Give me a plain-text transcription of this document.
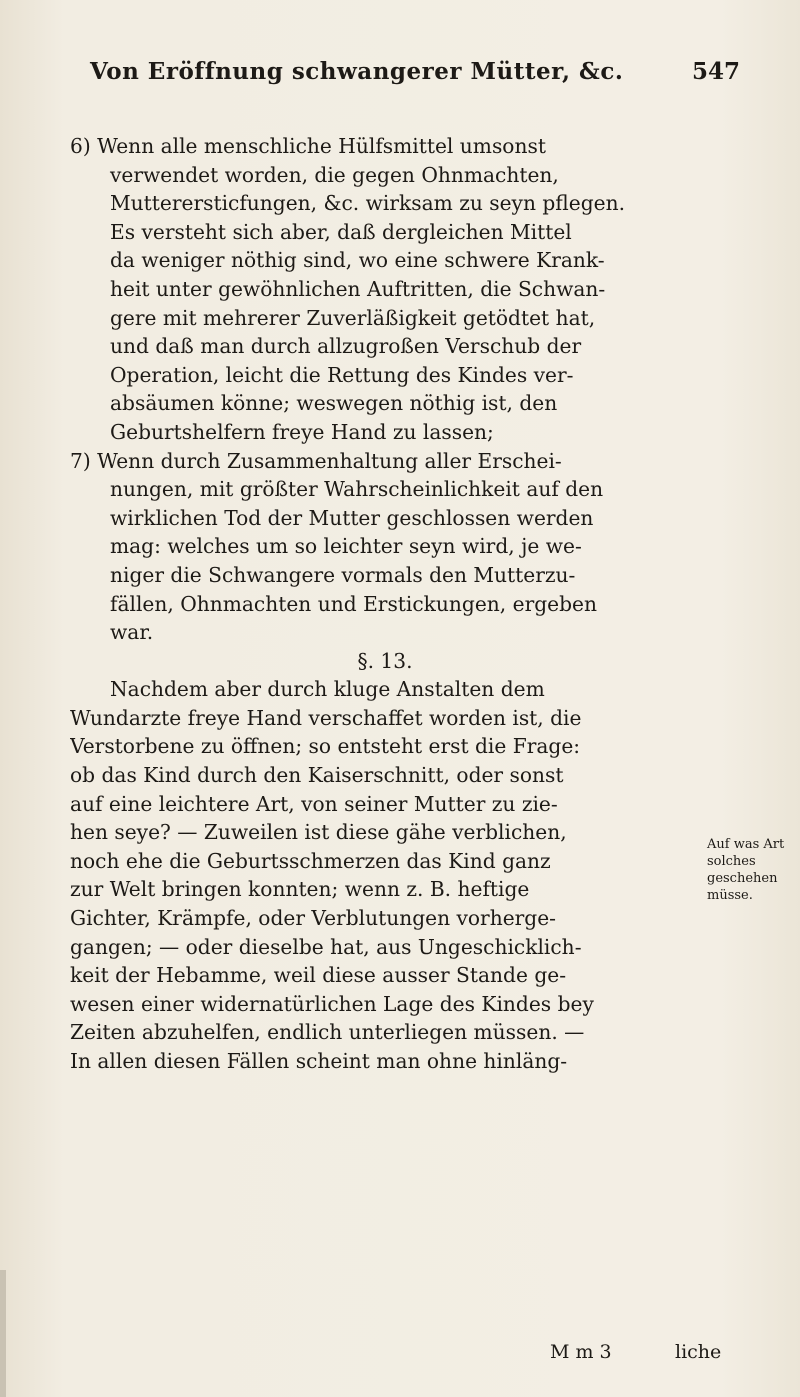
Von Eröffnung schwangerer Mütter, &c.	547
6) Wenn alle menschliche Hülfsmittel umsonst
verwendet worden, die gegen Ohnmachten,
Mutterersticfungen, &c. wirksam zu seyn pflegen.
Es versteht sich aber, daß dergleichen Mittel
da weniger nöthig sind, wo eine schwere Krank-
heit unter gewöhnlichen Auftritten, die Schwan-
gere mit mehrerer Zuverläßigkeit getödtet hat,
und daß man durch allzugroßen Verschub der
Operation, leicht die Rettung des Kindes ver-
absäumen könne; weswegen nöthig ist, den
Geburtshelfern freye Hand zu lassen;
7) Wenn durch Zusammenhaltung aller Erschei-
nungen, mit größter Wahrscheinlichkeit auf den
wirklichen Tod der Mutter geschlossen werden
mag: welches um so leichter seyn wird, je we-
niger die Schwangere vormals den Mutterzu-
fällen, Ohnmachten und Erstickungen, ergeben
war.
§. 13.
Nachdem aber durch kluge Anstalten dem
Wundarzte freye Hand verschaffet worden ist, die
Verstorbene zu öffnen; so entsteht erst die Frage:
ob das Kind durch den Kaiserschnitt, oder sonst
auf eine leichtere Art, von seiner Mutter zu zie-
hen seye? — Zuweilen ist diese gähe verblichen,
noch ehe die Geburtsschmerzen das Kind ganz
zur Welt bringen konnten; wenn z. B. heftige
Gichter, Krämpfe, oder Verblutungen vorherge-
gangen; — oder dieselbe hat, aus Ungeschicklich-
keit der Hebamme, weil diese ausser Stande ge-
wesen einer widernatürlichen Lage des Kindes bey
Zeiten abzuhelfen, endlich unterliegen müssen. —
In allen diesen Fällen scheint man ohne hinläng-
Auf was Art solches geschehen müsse.
M m 3	liche
